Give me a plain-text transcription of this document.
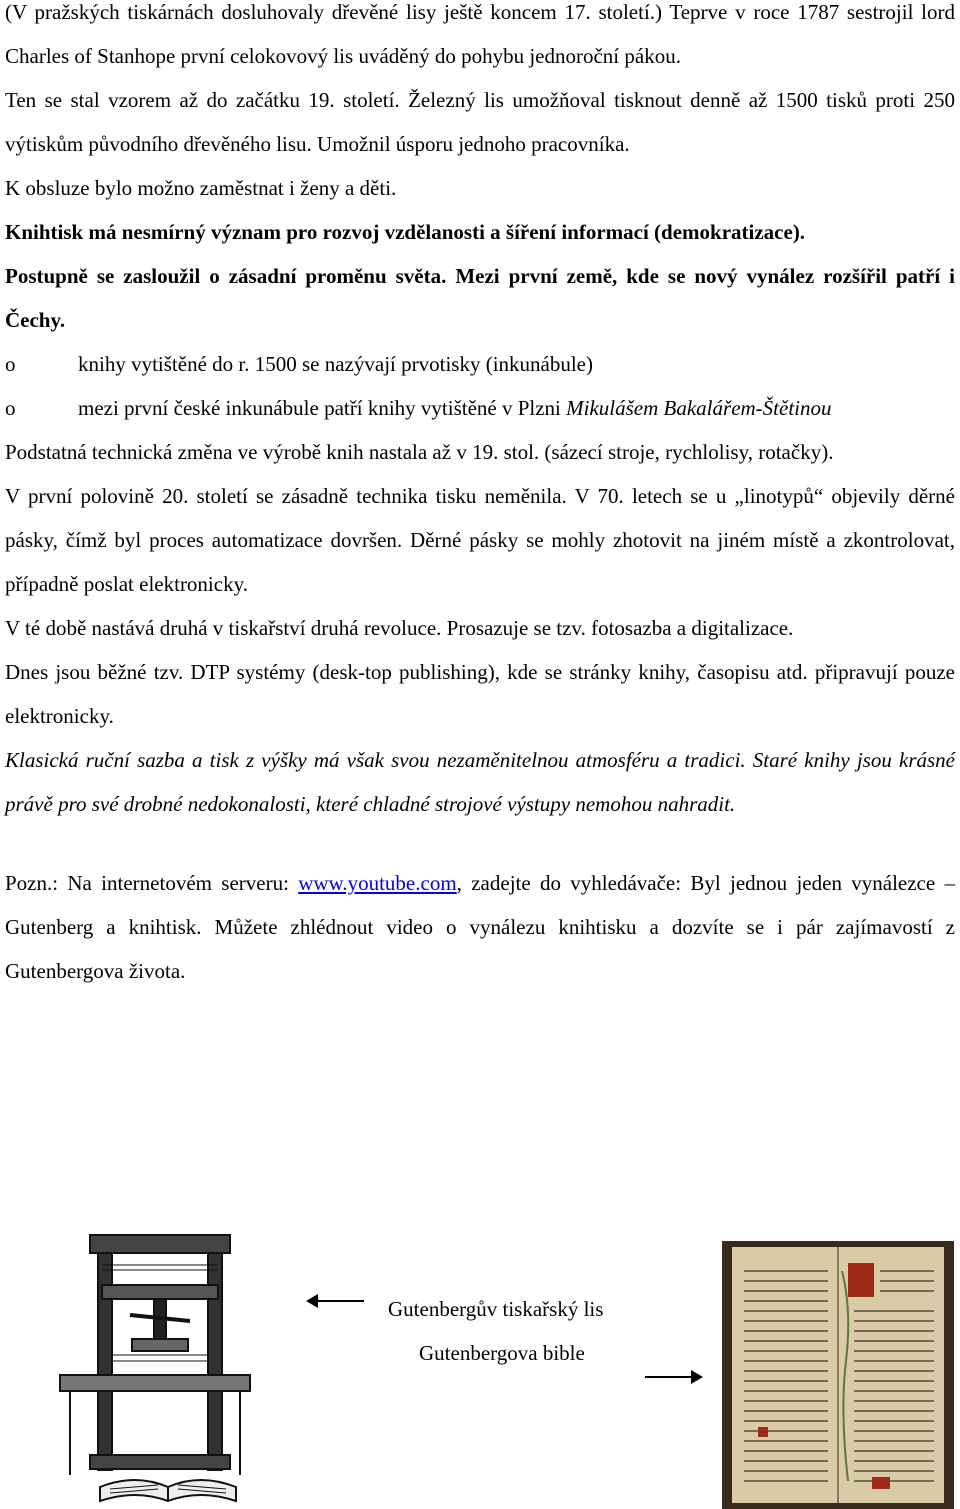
(V pražských tiskárnách dosluhovaly dřevěné lisy ještě koncem 17. století.) Teprve v roce 1787 sestrojil lord Charles of Stanhope první celokovový lis uváděný do pohybu jednoroční pákou.

Ten se stal vzorem až do začátku 19. století. Železný lis umožňoval tisknout denně až 1500 tisků proti 250 výtiskům původního dřevěného lisu. Umožnil úsporu jednoho pracovníka.

K obsluze bylo možno zaměstnat i ženy a děti.

Knihtisk má nesmírný význam pro rozvoj vzdělanosti a šíření informací (demokratizace).

Postupně se zasloužil o zásadní proměnu světa. Mezi první země, kde se nový vynález rozšířil patří i Čechy.

o	knihy vytištěné do r. 1500 se nazývají prvotisky (inkunábule)

o	mezi první české inkunábule patří knihy vytištěné v Plzni Mikulášem Bakalářem-Štětinou

Podstatná technická změna ve výrobě knih nastala až v 19. stol. (sázecí stroje, rychlolisy, rotačky).

V první polovině 20. století se zásadně technika tisku neměnila. V 70. letech se u „linotypů“ objevily děrné pásky, čímž byl proces automatizace dovršen. Děrné pásky se mohly zhotovit na jiném místě a zkontrolovat, případně poslat elektronicky.

V té době nastává druhá v tiskařství druhá revoluce. Prosazuje se tzv. fotosazba a digitalizace.

Dnes jsou běžné tzv. DTP systémy (desk-top publishing), kde se stránky knihy, časopisu atd. připravují pouze elektronicky.

Klasická ruční sazba a tisk z výšky má však svou nezaměnitelnou atmosféru a tradici. Staré knihy jsou krásné právě pro své drobné nedokonalosti, které chladné strojové výstupy nemohou nahradit.

Pozn.: Na internetovém serveru: www.youtube.com, zadejte do vyhledávače: Byl jednou jeden vynálezce – Gutenberg a knihtisk. Můžete zhlédnout video o vynálezu knihtisku a dozvíte se i pár zajímavostí z Gutenbergova života.

Gutenbergův tiskařský lis
Gutenbergova bible
